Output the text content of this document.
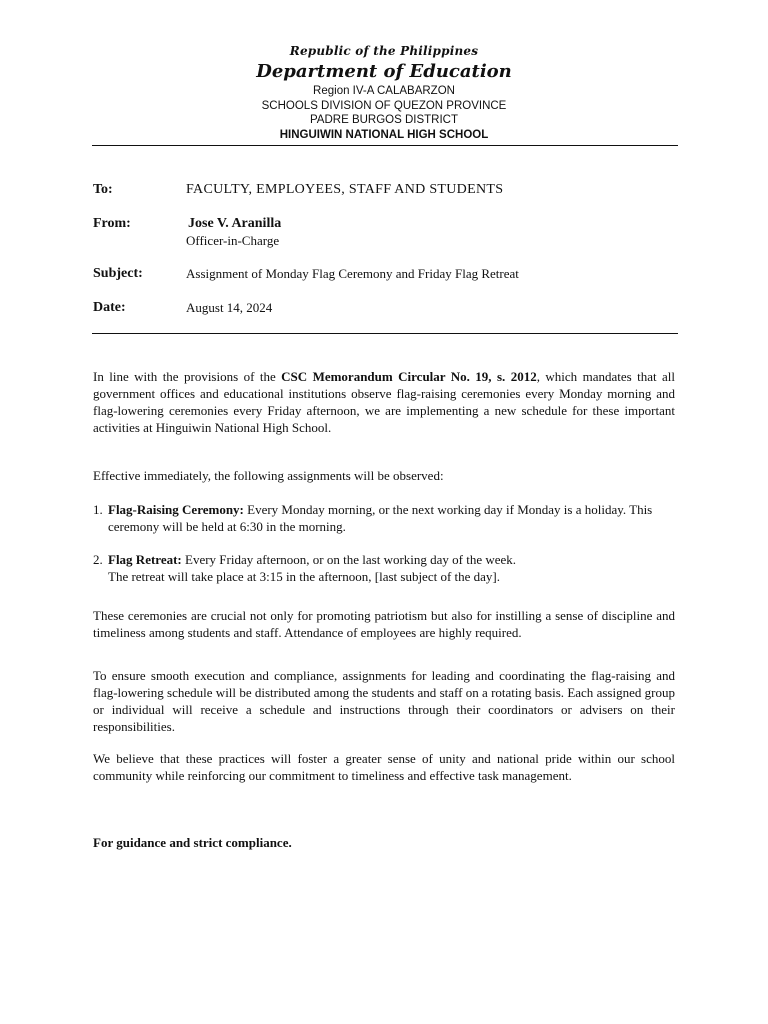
Republic of the Philippines
Department of Education
Region IV-A CALABARZON
SCHOOLS DIVISION OF QUEZON PROVINCE
PADRE BURGOS DISTRICT
HINGUIWIN NATIONAL HIGH SCHOOL
To:	FACULTY, EMPLOYEES, STAFF AND STUDENTS
From:	Jose V. Aranilla
Officer-in-Charge
Subject:	Assignment of Monday Flag Ceremony and Friday Flag Retreat
Date:	August 14, 2024
In line with the provisions of the CSC Memorandum Circular No. 19, s. 2012, which mandates that all government offices and educational institutions observe flag-raising ceremonies every Monday morning and flag-lowering ceremonies every Friday afternoon, we are implementing a new schedule for these important activities at Hinguiwin National High School.
Effective immediately, the following assignments will be observed:
1. Flag-Raising Ceremony: Every Monday morning, or the next working day if Monday is a holiday. This ceremony will be held at 6:30 in the morning.
2. Flag Retreat: Every Friday afternoon, or on the last working day of the week.
The retreat will take place at 3:15 in the afternoon, [last subject of the day].
These ceremonies are crucial not only for promoting patriotism but also for instilling a sense of discipline and timeliness among students and staff. Attendance of employees are highly required.
To ensure smooth execution and compliance, assignments for leading and coordinating the flag-raising and flag-lowering schedule will be distributed among the students and staff on a rotating basis. Each assigned group or individual will receive a schedule and instructions through their coordinators or advisers on their responsibilities.
We believe that these practices will foster a greater sense of unity and national pride within our school community while reinforcing our commitment to timeliness and effective task management.
For guidance and strict compliance.
